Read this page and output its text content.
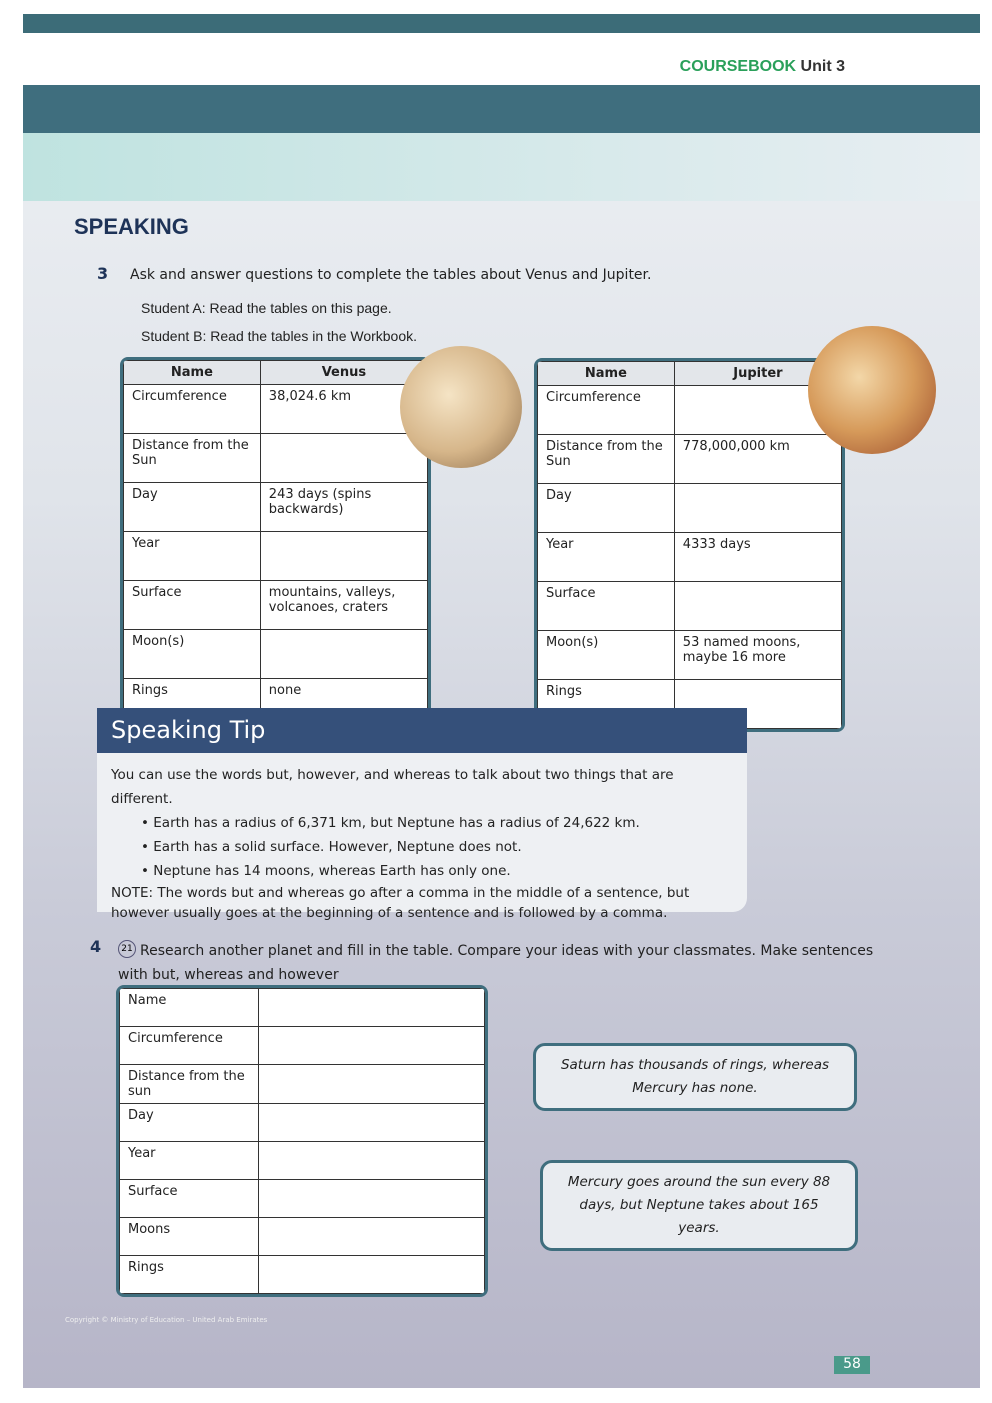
COURSEBOOK Unit 3
SPEAKING
3 Ask and answer questions to complete the tables about Venus and Jupiter.
Student A: Read the tables on this page.
Name	Venus
Circumference	38,024.6 km
Distance from the Sun	
Day	243 days (spins backwards)
Year	
Surface	mountains, valleys, volcanoes, craters
Moon(s)	
Rings	none
Student B: Read the tables in the Workbook.
Name	Jupiter
Circumference	
Distance from the Sun	778,000,000 km
Day	
Year	4333 days
Surface	
Moon(s)	53 named moons, maybe 16 more
Rings	
Speaking Tip
You can use the words but, however, and whereas to talk about two things that are different.
• Earth has a radius of 6,371 km, but Neptune has a radius of 24,622 km.
• Earth has a solid surface. However, Neptune does not.
• Neptune has 14 moons, whereas Earth has only one.
NOTE: The words but and whereas go after a comma in the middle of a sentence, but however usually goes at the beginning of a sentence and is followed by a comma.
4	21 Research another planet and fill in the table. Compare your ideas with your classmates. Make sentences with but, whereas and however
Name	
Circumference	
Distance from the sun	
Day	
Year	
Surface	
Moons	
Rings	
Saturn has thousands of rings, whereas Mercury has none.
Mercury goes around the sun every 88 days, but Neptune takes about 165 years.
Copyright © Ministry of Education – United Arab Emirates
58
